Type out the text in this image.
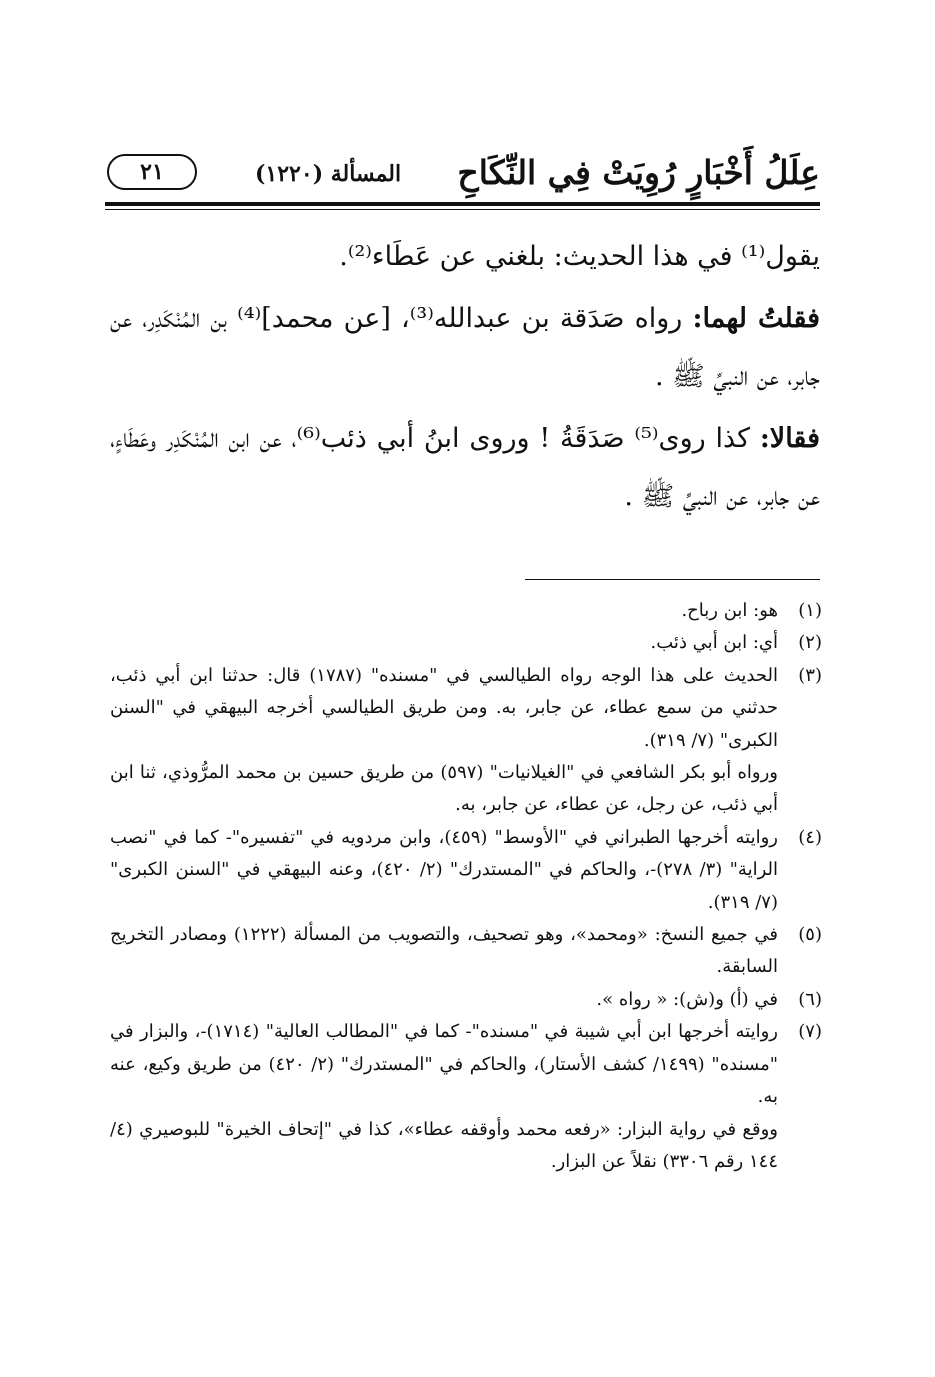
عِلَلُ أَخْبَارٍ رُوِيَتْ فِي النِّكَاحِ
المسألة (١٢٢٠)
٢١

يقول⁽¹⁾ في هذا الحديث: بلغني عن عَطَاء⁽²⁾.

فقلتُ لهما: رواه صَدَقة بن عبدالله⁽³⁾، [عن محمد]⁽⁴⁾ بن المُنْكَدِر، عن جابر، عن النبيِّ ﷺ .

فقالا: كذا روى⁽⁵⁾ صَدَقَةُ ! وروى ابنُ أبي ذئب⁽⁶⁾، عن ابن المُنْكَدِر وعَطَاءٍ، عن جابر، عن النبيِّ ﷺ .

(١)
هو: ابن رباح.
(٢)
أي: ابن أبي ذئب.
(٣)
الحديث على هذا الوجه رواه الطيالسي في "مسنده" (١٧٨٧) قال: حدثنا ابن أبي ذئب، حدثني من سمع عطاء، عن جابر، به. ومن طريق الطيالسي أخرجه البيهقي في "السنن الكبرى" (٧/ ٣١٩).
ورواه أبو بكر الشافعي في "الغيلانيات" (٥٩٧) من طريق حسين بن محمد المرُّوذي، ثنا ابن أبي ذئب، عن رجل، عن عطاء، عن جابر، به.
(٤)
روايته أخرجها الطبراني في "الأوسط" (٤٥٩)، وابن مردويه في "تفسيره"- كما في "نصب الراية" (٣/ ٢٧٨)-، والحاكم في "المستدرك" (٢/ ٤٢٠)، وعنه البيهقي في "السنن الكبرى" (٧/ ٣١٩).
(٥)
في جميع النسخ: «ومحمد»، وهو تصحيف، والتصويب من المسألة (١٢٢٢) ومصادر التخريج السابقة.
(٦)
في (أ) و(ش): « رواه ».
(٧)
روايته أخرجها ابن أبي شيبة في "مسنده"- كما في "المطالب العالية" (١٧١٤)-، والبزار في "مسنده" (١٤٩٩/ كشف الأستار)، والحاكم في "المستدرك" (٢/ ٤٢٠) من طريق وكيع، عنه به.
ووقع في رواية البزار: «رفعه محمد وأوقفه عطاء»، كذا في "إتحاف الخيرة" للبوصيري (٤/ ١٤٤ رقم ٣٣٠٦) نقلاً عن البزار.
